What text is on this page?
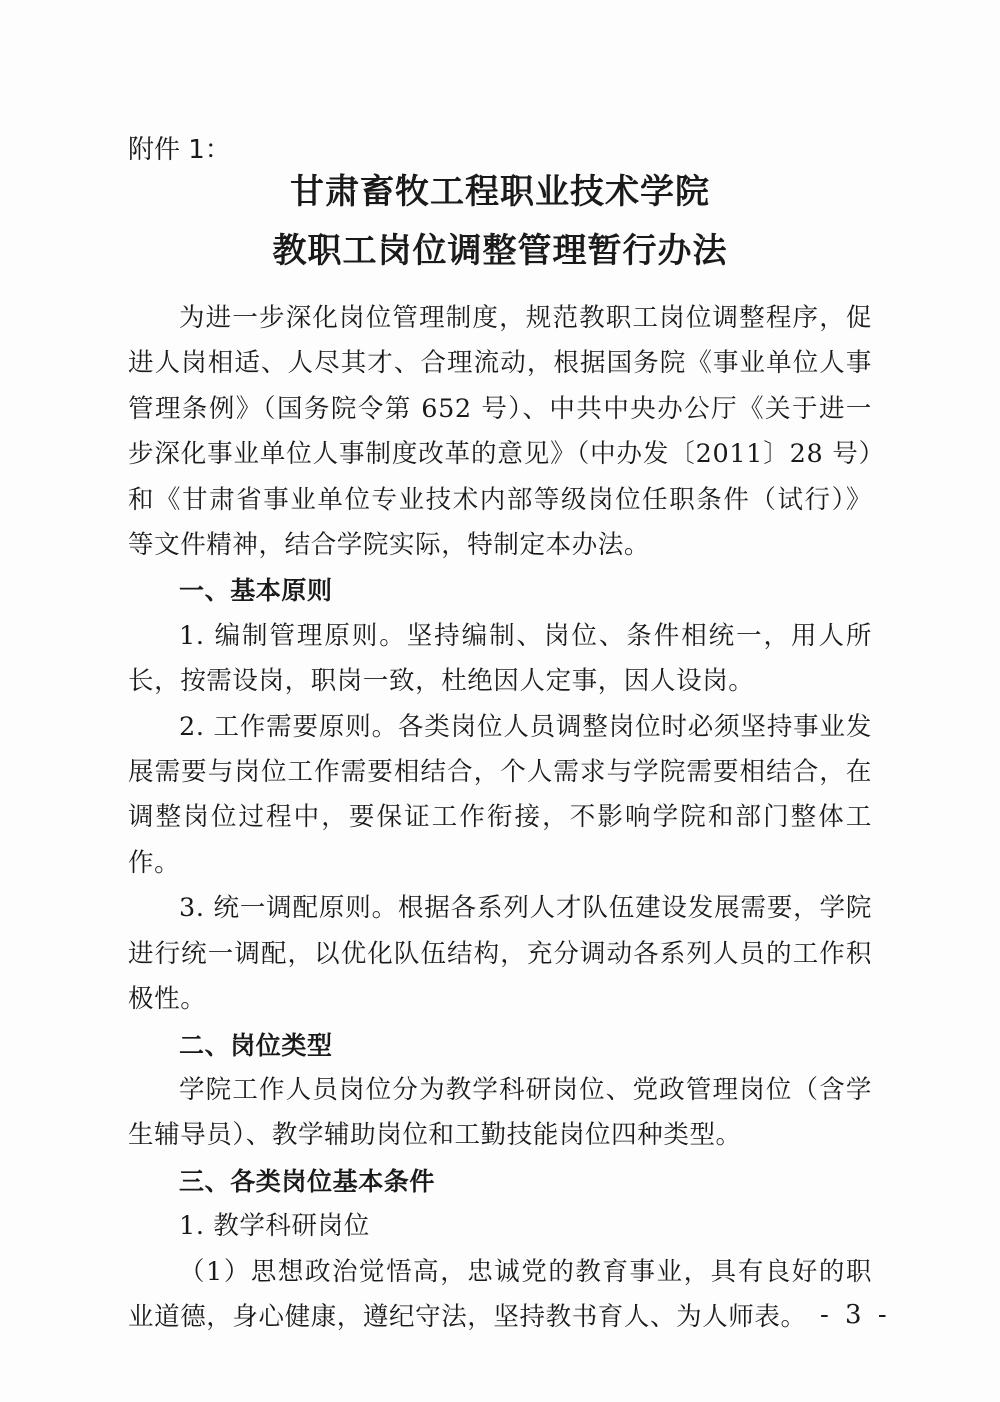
附件 1：
甘肃畜牧工程职业技术学院
教职工岗位调整管理暂行办法

为进一步深化岗位管理制度，规范教职工岗位调整程序，促进人岗相适、人尽其才、合理流动，根据国务院《事业单位人事管理条例》（国务院令第 652 号）、中共中央办公厅《关于进一步深化事业单位人事制度改革的意见》（中办发〔2011〕28 号）和《甘肃省事业单位专业技术内部等级岗位任职条件（试行）》等文件精神，结合学院实际，特制定本办法。

一、基本原则

1. 编制管理原则。坚持编制、岗位、条件相统一，用人所长，按需设岗，职岗一致，杜绝因人定事，因人设岗。

2. 工作需要原则。各类岗位人员调整岗位时必须坚持事业发展需要与岗位工作需要相结合，个人需求与学院需要相结合，在调整岗位过程中，要保证工作衔接，不影响学院和部门整体工作。

3. 统一调配原则。根据各系列人才队伍建设发展需要，学院进行统一调配，以优化队伍结构，充分调动各系列人员的工作积极性。

二、岗位类型

学院工作人员岗位分为教学科研岗位、党政管理岗位（含学生辅导员）、教学辅助岗位和工勤技能岗位四种类型。

三、各类岗位基本条件

1. 教学科研岗位

（1）思想政治觉悟高，忠诚党的教育事业，具有良好的职业道德，身心健康，遵纪守法，坚持教书育人、为人师表。 - 3 -
